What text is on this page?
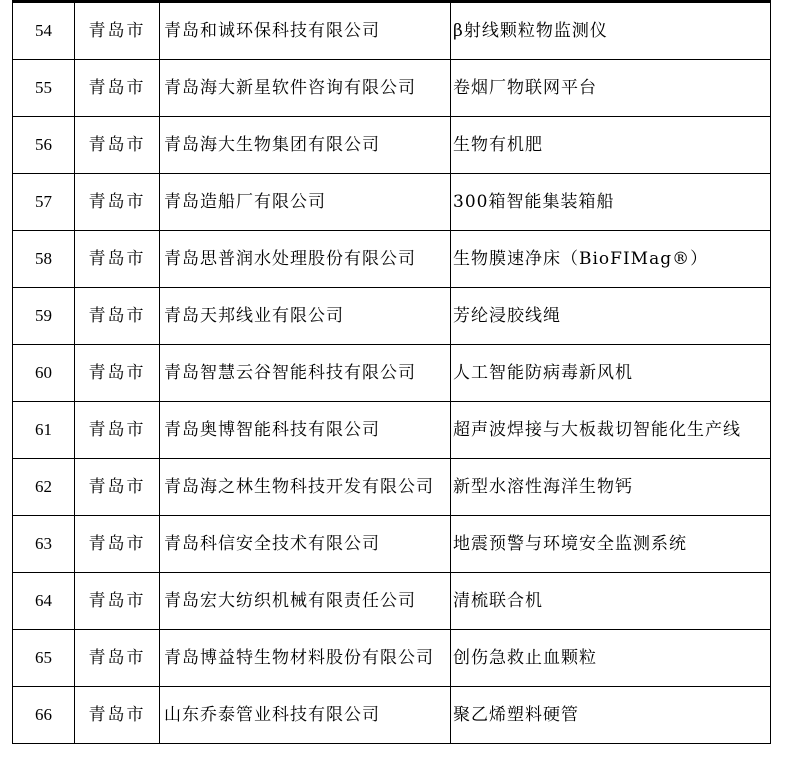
54	青岛市	青岛和诚环保科技有限公司	β射线颗粒物监测仪
55	青岛市	青岛海大新星软件咨询有限公司	卷烟厂物联网平台
56	青岛市	青岛海大生物集团有限公司	生物有机肥
57	青岛市	青岛造船厂有限公司	300箱智能集装箱船
58	青岛市	青岛思普润水处理股份有限公司	生物膜速净床（BioFIMag®）
59	青岛市	青岛天邦线业有限公司	芳纶浸胶线绳
60	青岛市	青岛智慧云谷智能科技有限公司	人工智能防病毒新风机
61	青岛市	青岛奥博智能科技有限公司	超声波焊接与大板裁切智能化生产线
62	青岛市	青岛海之林生物科技开发有限公司	新型水溶性海洋生物钙
63	青岛市	青岛科信安全技术有限公司	地震预警与环境安全监测系统
64	青岛市	青岛宏大纺织机械有限责任公司	清梳联合机
65	青岛市	青岛博益特生物材料股份有限公司	创伤急救止血颗粒
66	青岛市	山东乔泰管业科技有限公司	聚乙烯塑料硬管
